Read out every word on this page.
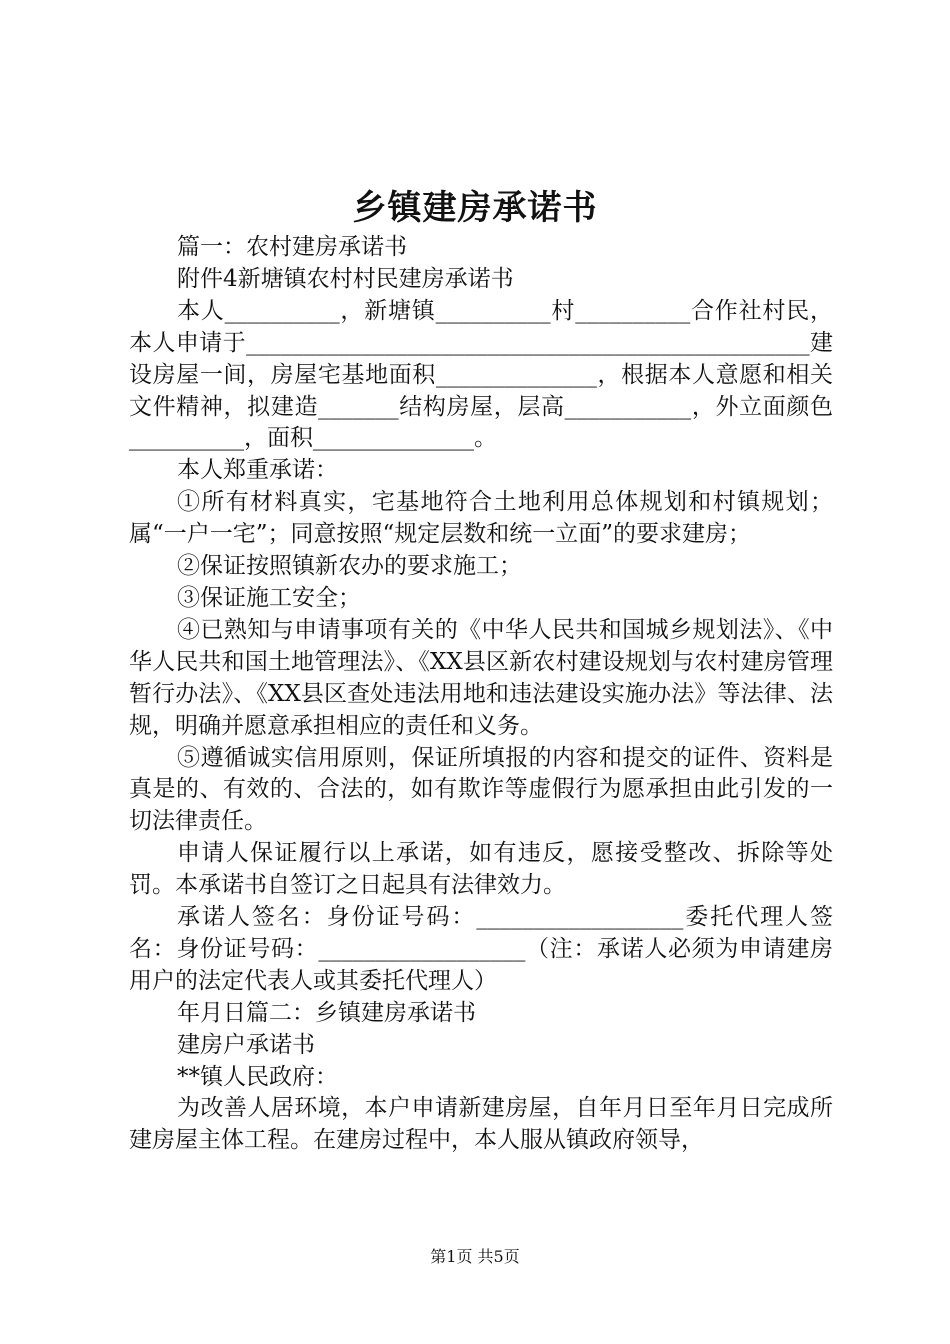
乡镇建房承诺书

篇一：农村建房承诺书

附件4新塘镇农村村民建房承诺书

本人__________，新塘镇__________村__________合作社村民，本人申请于_________________________________________________建设房屋一间，房屋宅基地面积______________，根据本人意愿和相关文件精神，拟建造_______结构房屋，层高___________，外立面颜色__________，面积______________。

本人郑重承诺：

①所有材料真实，宅基地符合土地利用总体规划和村镇规划；属“一户一宅”；同意按照“规定层数和统一立面”的要求建房；

②保证按照镇新农办的要求施工；

③保证施工安全；

④已熟知与申请事项有关的《中华人民共和国城乡规划法》、《中华人民共和国土地管理法》、《XX县区新农村建设规划与农村建房管理暂行办法》、《XX县区查处违法用地和违法建设实施办法》等法律、法规，明确并愿意承担相应的责任和义务。

⑤遵循诚实信用原则，保证所填报的内容和提交的证件、资料是真是的、有效的、合法的，如有欺诈等虚假行为愿承担由此引发的一切法律责任。

申请人保证履行以上承诺，如有违反，愿接受整改、拆除等处罚。本承诺书自签订之日起具有法律效力。

承诺人签名：身份证号码：__________________委托代理人签名：身份证号码：__________________（注：承诺人必须为申请建房用户的法定代表人或其委托代理人）

年月日篇二：乡镇建房承诺书

建房户承诺书

**镇人民政府：

为改善人居环境，本户申请新建房屋，自年月日至年月日完成所建房屋主体工程。在建房过程中，本人服从镇政府领导，

第1页 共5页
